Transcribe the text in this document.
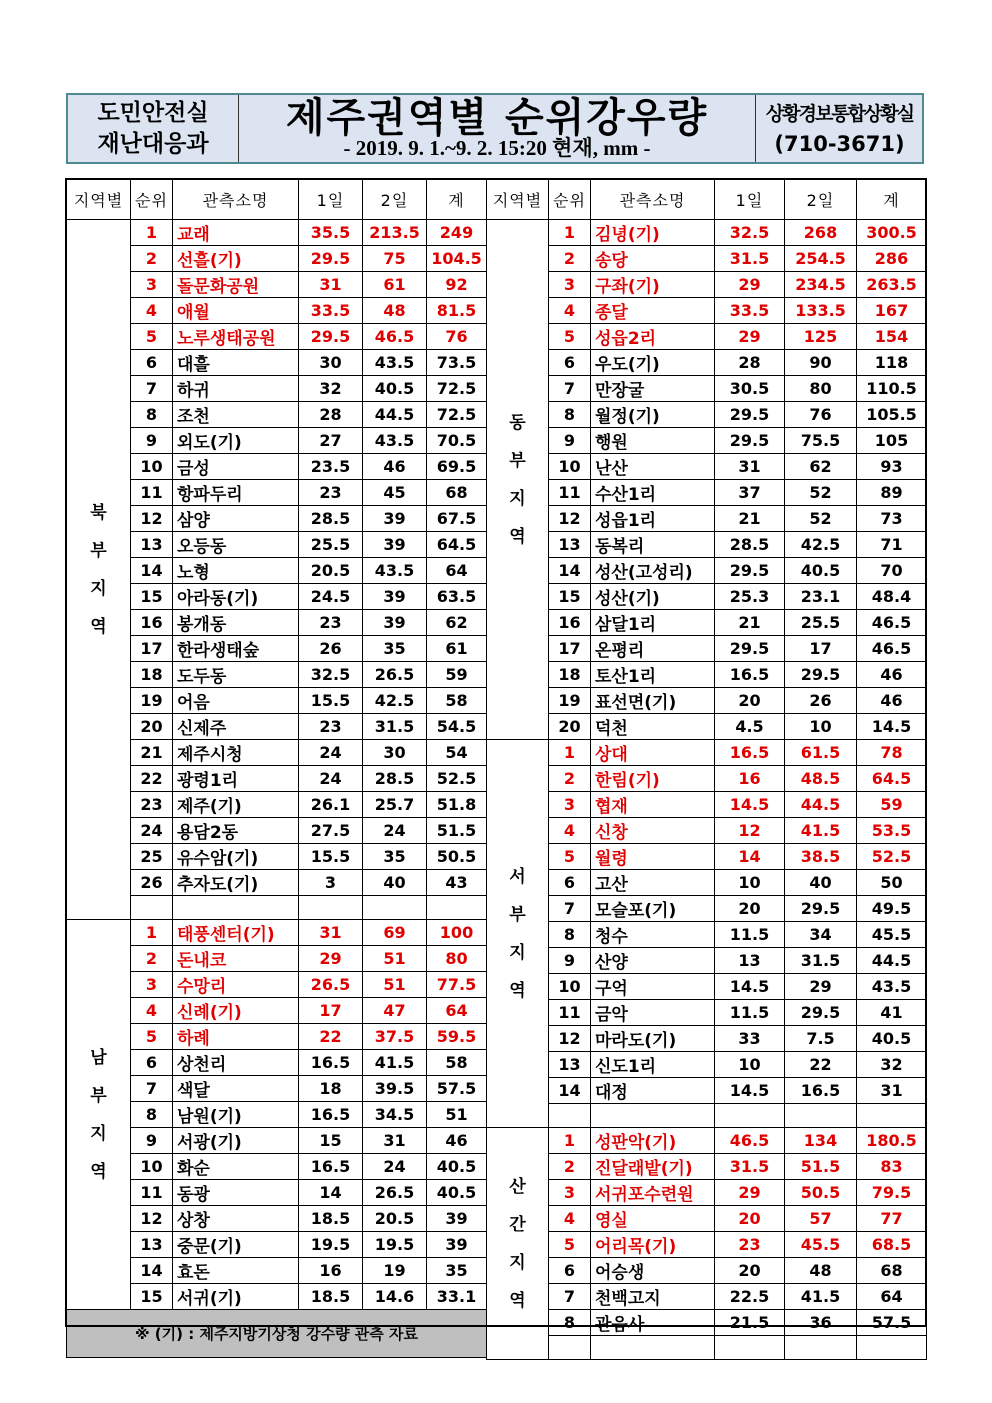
도민안전실
재난대응과
제주권역별 순위강우량
- 2019. 9. 1.~9. 2. 15:20 현재, mm -
상황경보통합상황실
(710-3671)
지역별	순위	관측소명	1일	2일	계
북부지역	1	교래	35.5	213.5	249
	2	선흘(기)	29.5	75	104.5
	3	돌문화공원	31	61	92
	4	애월	33.5	48	81.5
	5	노루생태공원	29.5	46.5	76
	6	대흘	30	43.5	73.5
	7	하귀	32	40.5	72.5
	8	조천	28	44.5	72.5
	9	외도(기)	27	43.5	70.5
	10	금성	23.5	46	69.5
	11	항파두리	23	45	68
	12	삼양	28.5	39	67.5
	13	오등동	25.5	39	64.5
	14	노형	20.5	43.5	64
	15	아라동(기)	24.5	39	63.5
	16	봉개동	23	39	62
	17	한라생태숲	26	35	61
	18	도두동	32.5	26.5	59
	19	어음	15.5	42.5	58
	20	신제주	23	31.5	54.5
	21	제주시청	24	30	54
	22	광령1리	24	28.5	52.5
	23	제주(기)	26.1	25.7	51.8
	24	용담2동	27.5	24	51.5
	25	유수암(기)	15.5	35	50.5
	26	추자도(기)	3	40	43

남부지역	1	태풍센터(기)	31	69	100
	2	돈내코	29	51	80
	3	수망리	26.5	51	77.5
	4	신례(기)	17	47	64
	5	하례	22	37.5	59.5
	6	상천리	16.5	41.5	58
	7	색달	18	39.5	57.5
	8	남원(기)	16.5	34.5	51
	9	서광(기)	15	31	46
	10	화순	16.5	24	40.5
	11	동광	14	26.5	40.5
	12	상창	18.5	20.5	39
	13	중문(기)	19.5	19.5	39
	14	효돈	16	19	35
	15	서귀(기)	18.5	14.6	33.1
※ (기) : 제주지방기상청 강수량 관측 자료					
지역별	순위	관측소명	1일	2일	계
동부지역	1	김녕(기)	32.5	268	300.5
	2	송당	31.5	254.5	286
	3	구좌(기)	29	234.5	263.5
	4	종달	33.5	133.5	167
	5	성읍2리	29	125	154
	6	우도(기)	28	90	118
	7	만장굴	30.5	80	110.5
	8	월정(기)	29.5	76	105.5
	9	행원	29.5	75.5	105
	10	난산	31	62	93
	11	수산1리	37	52	89
	12	성읍1리	21	52	73
	13	동복리	28.5	42.5	71
	14	성산(고성리)	29.5	40.5	70
	15	성산(기)	25.3	23.1	48.4
	16	삼달1리	21	25.5	46.5
	17	온평리	29.5	17	46.5
	18	토산1리	16.5	29.5	46
	19	표선면(기)	20	26	46
	20	덕천	4.5	10	14.5
서부지역	1	상대	16.5	61.5	78
	2	한림(기)	16	48.5	64.5
	3	협재	14.5	44.5	59
	4	신창	12	41.5	53.5
	5	월령	14	38.5	52.5
	6	고산	10	40	50
	7	모슬포(기)	20	29.5	49.5
	8	청수	11.5	34	45.5
	9	산양	13	31.5	44.5
	10	구억	14.5	29	43.5
	11	금악	11.5	29.5	41
	12	마라도(기)	33	7.5	40.5
	13	신도1리	10	22	32
	14	대정	14.5	16.5	31

산간지역	1	성판악(기)	46.5	134	180.5
	2	진달래밭(기)	31.5	51.5	83
	3	서귀포수련원	29	50.5	79.5
	4	영실	20	57	77
	5	어리목(기)	23	45.5	68.5
	6	어승생	20	48	68
	7	천백고지	22.5	41.5	64
	8	관음사	21.5	36	57.5
